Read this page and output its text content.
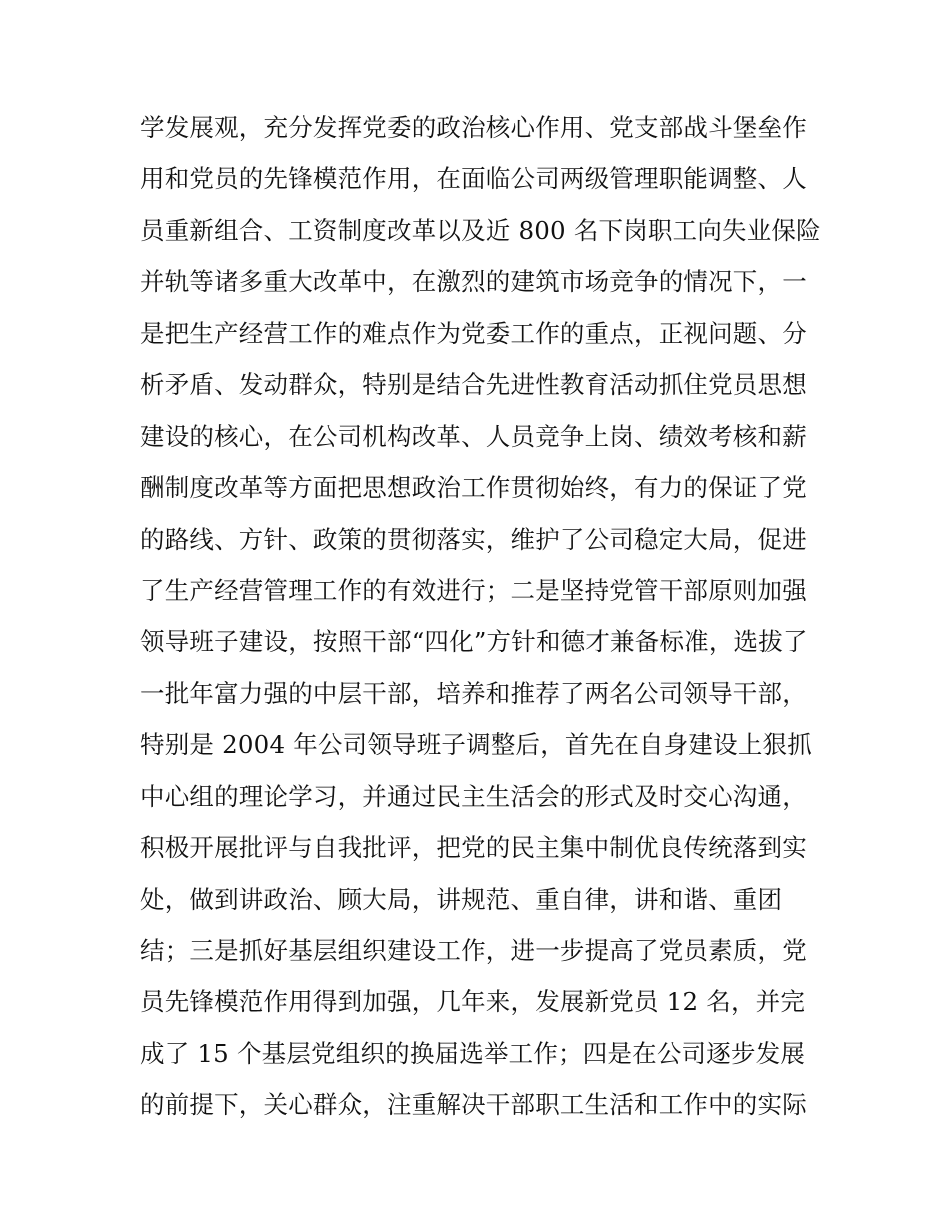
学发展观，充分发挥党委的政治核心作用、党支部战斗堡垒作
用和党员的先锋模范作用，在面临公司两级管理职能调整、人
员重新组合、工资制度改革以及近 800 名下岗职工向失业保险
并轨等诸多重大改革中，在激烈的建筑市场竞争的情况下，一
是把生产经营工作的难点作为党委工作的重点，正视问题、分
析矛盾、发动群众，特别是结合先进性教育活动抓住党员思想
建设的核心，在公司机构改革、人员竞争上岗、绩效考核和薪
酬制度改革等方面把思想政治工作贯彻始终，有力的保证了党
的路线、方针、政策的贯彻落实，维护了公司稳定大局，促进
了生产经营管理工作的有效进行；二是坚持党管干部原则加强
领导班子建设，按照干部“四化”方针和德才兼备标准，选拔了
一批年富力强的中层干部，培养和推荐了两名公司领导干部，
特别是 2004 年公司领导班子调整后，首先在自身建设上狠抓
中心组的理论学习，并通过民主生活会的形式及时交心沟通，
积极开展批评与自我批评，把党的民主集中制优良传统落到实
处，做到讲政治、顾大局，讲规范、重自律，讲和谐、重团
结；三是抓好基层组织建设工作，进一步提高了党员素质，党
员先锋模范作用得到加强，几年来，发展新党员 12 名，并完
成了 15 个基层党组织的换届选举工作；四是在公司逐步发展
的前提下，关心群众，注重解决干部职工生活和工作中的实际
